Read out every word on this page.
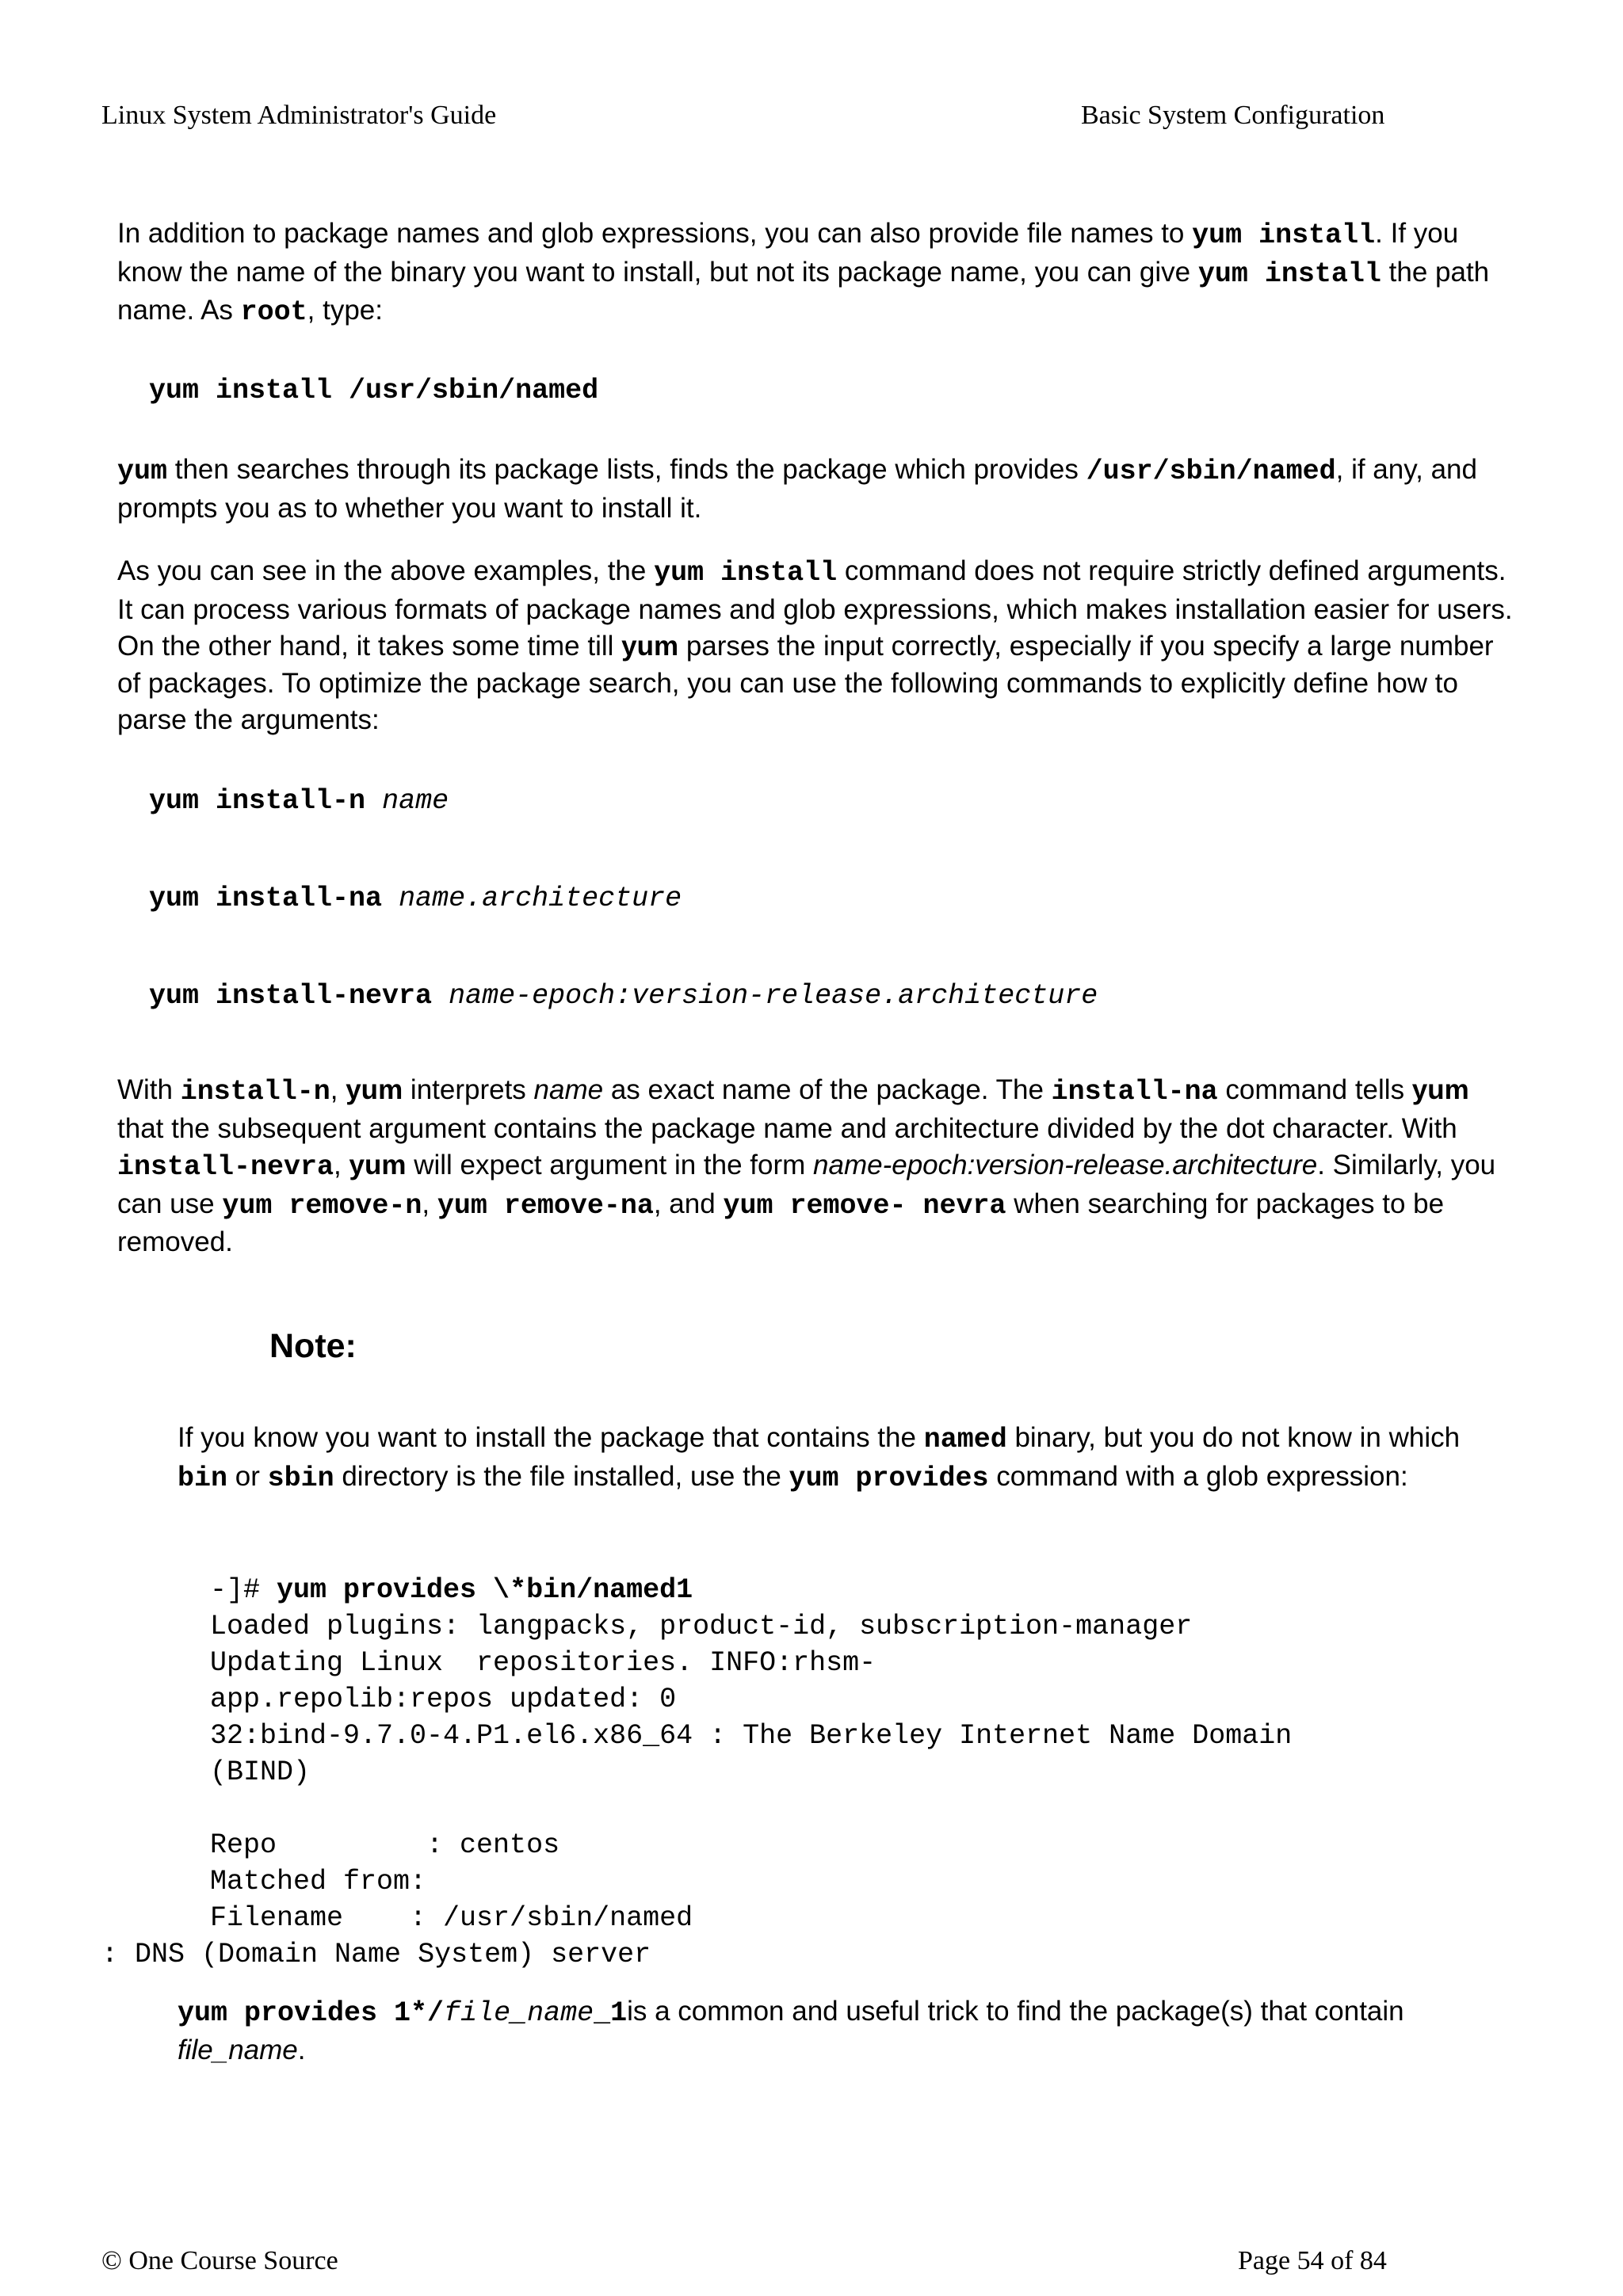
Linux System Administrator's Guide	Basic System Configuration

In addition to package names and glob expressions, you can also provide file names to yum install. If you know the name of the binary you want to install, but not its package name, you can give yum install the path name. As root, type:

yum install /usr/sbin/named

yum then searches through its package lists, finds the package which provides /usr/sbin/named, if any, and prompts you as to whether you want to install it.

As you can see in the above examples, the yum install command does not require strictly defined arguments. It can process various formats of package names and glob expressions, which makes installation easier for users. On the other hand, it takes some time till yum parses the input correctly, especially if you specify a large number of packages. To optimize the package search, you can use the following commands to explicitly define how to parse the arguments:

yum install-n name
yum install-na name.architecture
yum install-nevra name-epoch:version-release.architecture

With install-n, yum interprets name as exact name of the package. The install-na command tells yum that the subsequent argument contains the package name and architecture divided by the dot character. With install-nevra, yum will expect argument in the form name-epoch:version-release.architecture. Similarly, you can use yum remove-n, yum remove-na, and yum remove- nevra when searching for packages to be removed.

Note:

If you know you want to install the package that contains the named binary, but you do not know in which bin or sbin directory is the file installed, use the yum provides command with a glob expression:

-]# yum provides \*bin/named1
Loaded plugins: langpacks, product-id, subscription-manager
Updating Linux  repositories. INFO:rhsm-
app.repolib:repos updated: 0
32:bind-9.7.0-4.P1.el6.x86_64 : The Berkeley Internet Name Domain
(BIND)

Repo         : centos
Matched from:
Filename    : /usr/sbin/named
: DNS (Domain Name System) server

yum provides 1*/file_name_1is a common and useful trick to find the package(s) that contain file_name.

© One Course Source	Page 54 of 84
